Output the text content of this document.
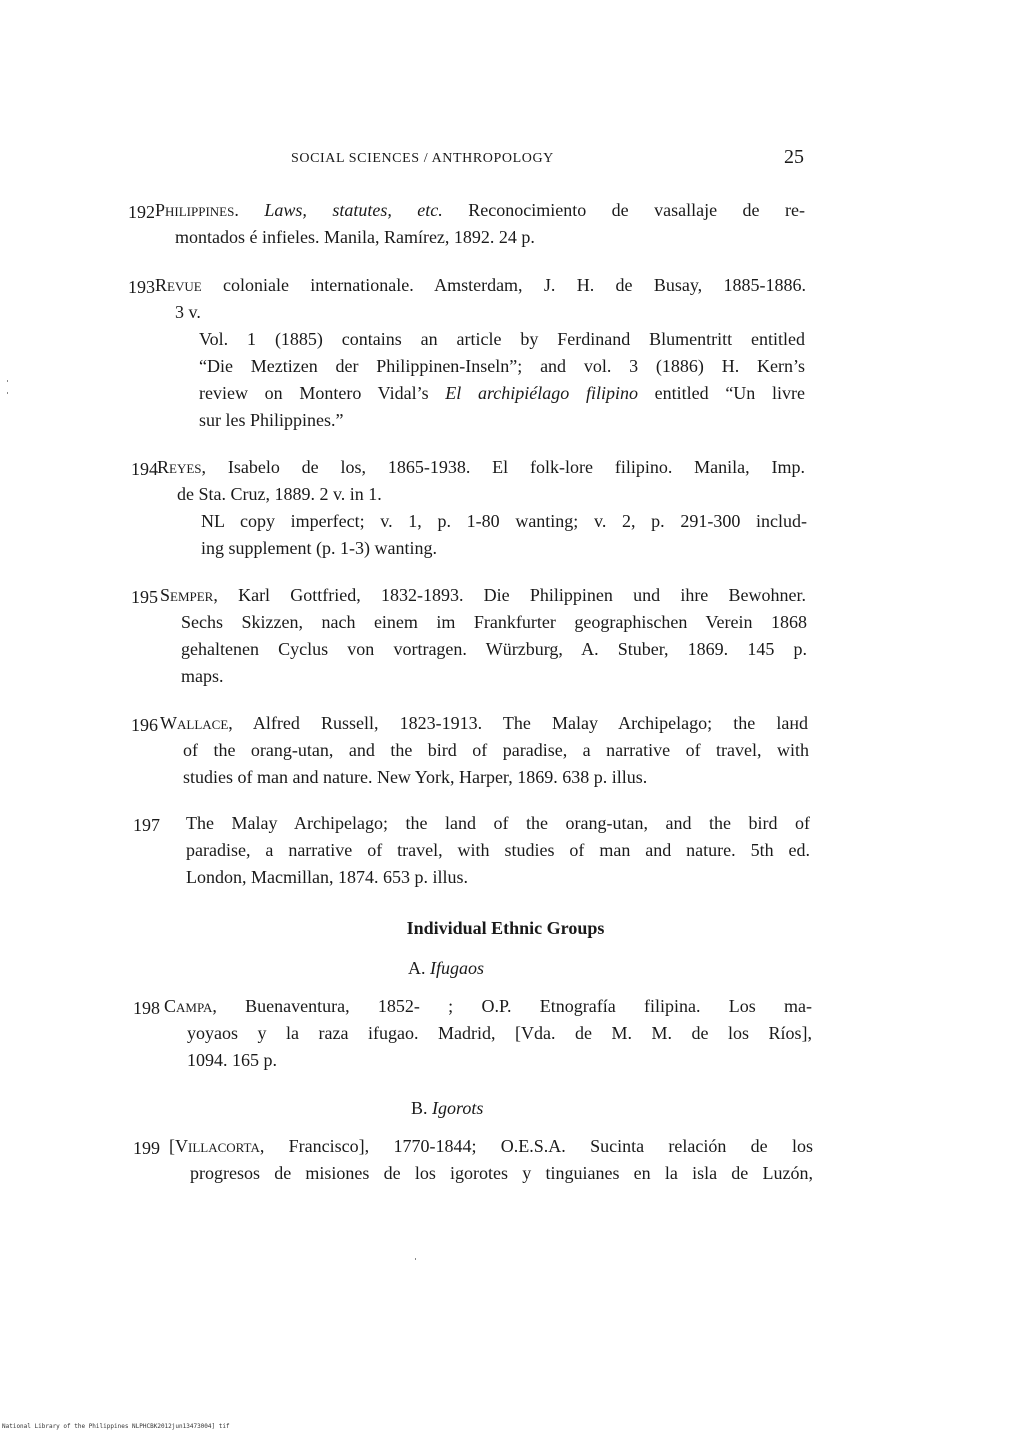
SOCIAL SCIENCES / ANTHROPOLOGY	25
192 Philippines. Laws, statutes, etc. Reconocimiento de vasallaje de re-
montados é infieles. Manila, Ramírez, 1892. 24 p.
193 Revue coloniale internationale. Amsterdam, J. H. de Busay, 1885-1886.
3 v.
Vol. 1 (1885) contains an article by Ferdinand Blumentritt entitled
“Die Meztizen der Philippinen-Inseln”; and vol. 3 (1886) H. Kern’s
review on Montero Vidal’s El archipiélago filipino entitled “Un livre
sur les Philippines.”
194 Reyes, Isabelo de los, 1865-1938. El folk-lore filipino. Manila, Imp.
de Sta. Cruz, 1889. 2 v. in 1.
NL copy imperfect; v. 1, p. 1-80 wanting; v. 2, p. 291-300 includ-
ing supplement (p. 1-3) wanting.
195 Semper, Karl Gottfried, 1832-1893. Die Philippinen und ihre Bewohner.
Sechs Skizzen, nach einem im Frankfurter geographischen Verein 1868
gehaltenen Cyclus von vortragen. Würzburg, A. Stuber, 1869. 145 p.
maps.
196 Wallace, Alfred Russell, 1823-1913. The Malay Archipelago; the laнd
of the orang-utan, and the bird of paradise, a narrative of travel, with
studies of man and nature. New York, Harper, 1869. 638 p. illus.
197 The Malay Archipelago; the land of the orang-utan, and the bird of
paradise, a narrative of travel, with studies of man and nature. 5th ed.
London, Macmillan, 1874. 653 p. illus.
198 Campa, Buenaventura, 1852- ; O.P. Etnografía filipina. Los ma-
yoyaos y la raza ifugao. Madrid, [Vda. de M. M. de los Ríos],
1094. 165 p.
199 [Villacorta, Francisco], 1770-1844; O.E.S.A. Sucinta relación de los
progresos de misiones de los igorotes y tinguianes en la isla de Luzón,
Individual Ethnic Groups
A. Ifugaos
B. Igorots
National Library of the Philippines NLPHCBK2012jun13473004] tif
